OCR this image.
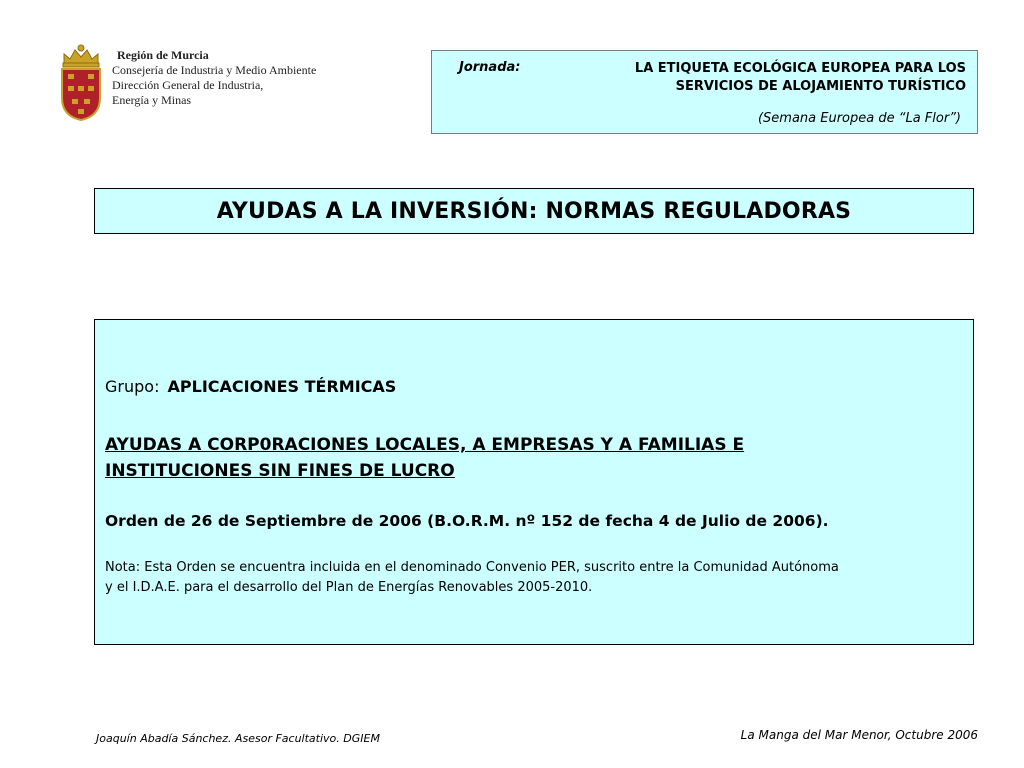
Región de Murcia
Consejería de Industria y Medio Ambiente
Dirección General de Industria,
Energía y Minas
Jornada:	LA ETIQUETA ECOLÓGICA EUROPEA PARA LOS
SERVICIOS DE ALOJAMIENTO TURÍSTICO
(Semana Europea de “La Flor”)
AYUDAS A LA INVERSIÓN: NORMAS REGULADORAS
Grupo: APLICACIONES TÉRMICAS
AYUDAS A CORP0RACIONES LOCALES, A EMPRESAS Y A FAMILIAS E
INSTITUCIONES SIN FINES DE LUCRO
Orden de 26 de Septiembre de 2006 (B.O.R.M. nº 152 de fecha 4 de Julio de 2006).
Nota: Esta Orden se encuentra incluida en el denominado Convenio PER, suscrito entre la Comunidad Autónoma
y el I.D.A.E. para el desarrollo del Plan de Energías Renovables 2005-2010.
Joaquín Abadía Sánchez. Asesor Facultativo. DGIEM	La Manga del Mar Menor, Octubre 2006
